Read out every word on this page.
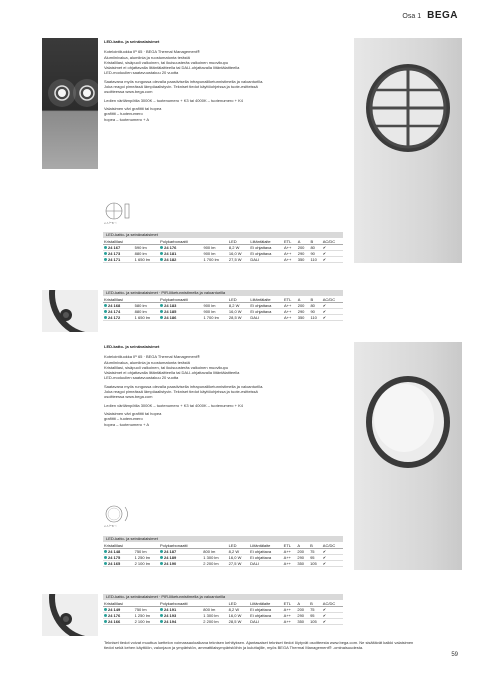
Osa 1 BEGA

LED-katto- ja seinävalaisimet

Kotelointiluokka IP 65 · BEGA Thermal Management®
Alumiinivalua, alumiinia ja ruostumatonta terästä
Kristallilasi, sisäpuoli valkoinen, tai ikuisuusteräs valkoinen muovikupu
Valaisimet ei ohjattavalla liitäntälaitteella tai DALI-ohjattavalla liitäntälaitteella
LED-moduulien saatavuustakuu 20 vuotta
Saatavana myös rungossa olevalla paasiivisella infrapunaliiketunnistimella ja valoanturilla.
Joka reagoi pimeässä lämpöaalistyvin. Tekniset tiedot käyttöohjeissa ja tuote-esitteissä
osoitteessa www.bega.com
Ledien värilämpötila 3000K – tuotenumero + K3 tai 4000K – tuotenumero + K4
Valaisimen väri grafiitti tai hopea
grafiitti – tuotenumero
hopea – tuotenumero + A
⌀ A ⊢B⊣
LED-katto- ja seinävalaisimet
Kristallilasi		Polykarbonaatti		LED	Liitäntälaite	ETL	A	B	AC/DC
24 167	590 lm	24 176	900 lm	8,2 W	Ei ohjattava	A++	200	80	✔
24 173	880 lm	24 181	900 lm	16,0 W	Ei ohjattava	A++	290	90	✔
24 171	1 650 lm	24 182	1 700 lm	27,5 W	DALI	A++	350	110	✔
LED-katto- ja seinävalaisimet · PIR-liiketunnistimella ja valoanturilla
Kristallilasi		Polykarbonaatti		LED	Liitäntälaite	ETL	A	B	AC/DC
24 168	580 lm	24 183	900 lm	8,2 W	Ei ohjattava	A++	200	80	✔
24 174	880 lm	24 185	900 lm	16,0 W	Ei ohjattava	A++	290	90	✔
24 172	1 650 lm	24 186	1 700 lm	28,5 W	DALI	A++	350	110	✔

LED-katto- ja seinävalaisimet

Kotelointiluokka IP 65 · BEGA Thermal Management®
Alumiinivalua, alumiinia ja ruostumatonta terästä
Kristallilasi, sisäpuoli valkoinen, tai ikuisuusteräs valkoinen muovikupu
Valaisimet ei ohjattavalla liitäntälaitteella tai DALI-ohjattavalla liitäntälaitteella
LED-moduulien saatavuustakuu 20 vuotta
Saatavana myös rungossa olevalla paasiivisella infrapunaliiketunnistimella ja valoanturilla.
Joka reagoi pimeässä lämpöaalistyvin. Tekniset tiedot käyttöohjeissa ja tuote-esitteissä
osoitteessa www.bega.com
Ledien värilämpötila 3000K – tuotenumero + K3 tai 4000K – tuotenumero + K4
Valaisimen väri grafiitti tai hopea
grafiitti – tuotenumero
hopea – tuotenumero + A
⌀ A ⊢B⊣
LED-katto- ja seinävalaisimet
Kristallilasi		Polykarbonaatti		LED	Liitäntälaite	ETL	A	B	AC/DC
24 148	750 lm	24 187	800 lm	8,2 W	Ei ohjattava	A++	200	75	✔
24 175	1 250 lm	24 189	1 300 lm	16,0 W	Ei ohjattava	A++	290	95	✔
24 165	2 100 lm	24 190	2 200 lm	27,5 W	DALI	A++	350	105	✔
LED-katto- ja seinävalaisimet · PIR-liiketunnistimella ja valoanturilla
Kristallilasi		Polykarbonaatti		LED	Liitäntälaite	ETL	A	B	AC/DC
24 149	750 lm	24 191	800 lm	8,2 W	Ei ohjattava	A++	200	75	✔
24 176	1 250 lm	24 193	1 300 lm	16,0 W	Ei ohjattava	A++	290	95	✔
24 166	2 100 lm	24 194	2 200 lm	28,5 W	DALI	A++	350	105	✔
Tekniset tiedot voivat muuttua luettelon voimassaoloaikana teknisen kehityksen. Ajantasaiset tekniset tiedot löytyvät osoitteesta www.bega.com. Ne sisältävät kaikki valaisimen tiedot sekä kehen käyttöön, valonjaon ja ympäristön, ammattilaisympäristöihin ja kuluttajille, myös BEGA Thermal Management® -ominaisuudesta.
59
